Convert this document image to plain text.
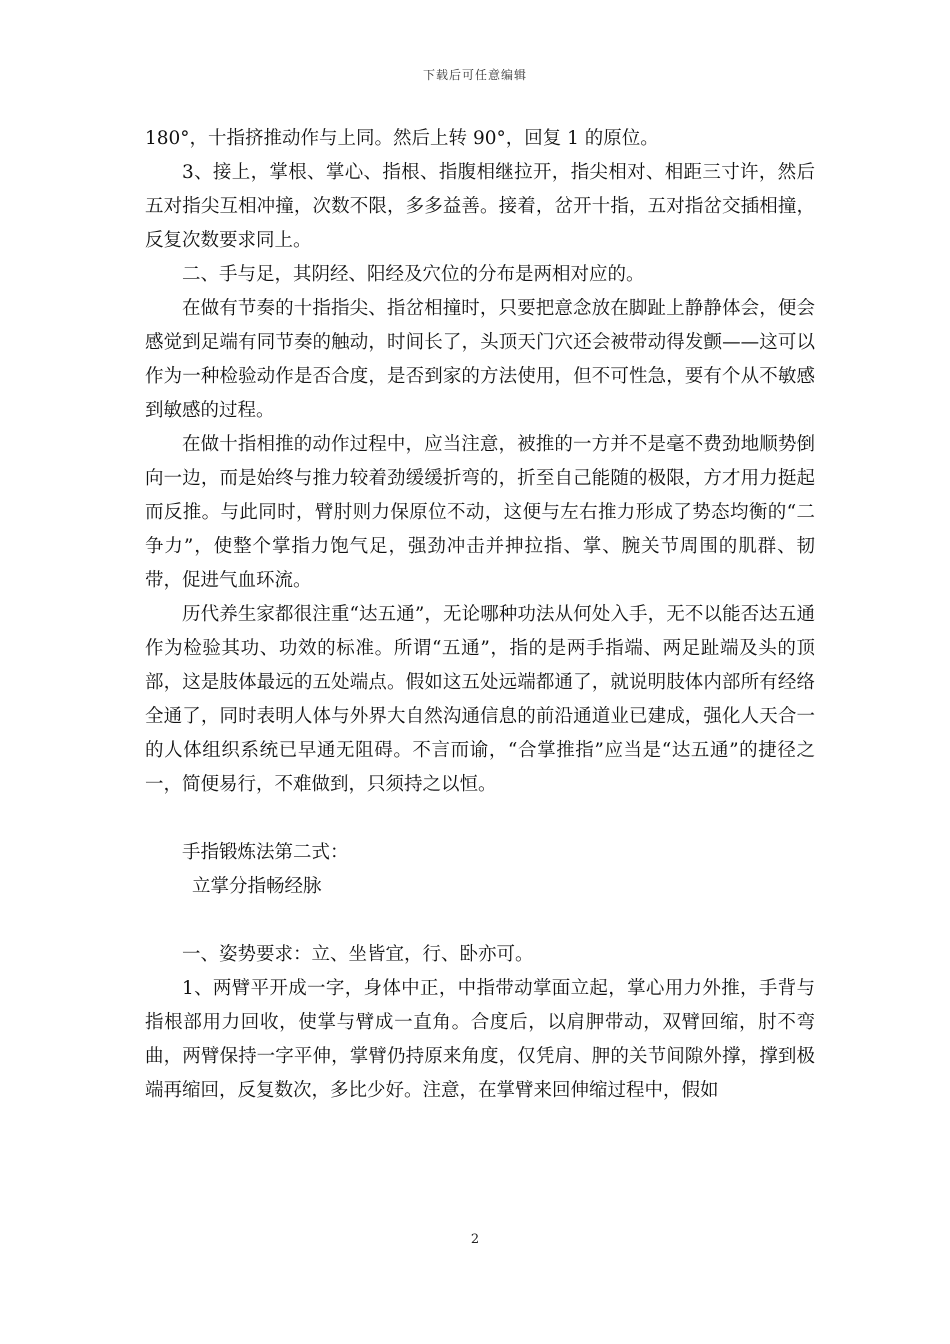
下载后可任意编辑

180°，十指挤推动作与上同。然后上转 90°，回复 1 的原位。

3、接上，掌根、掌心、指根、指腹相继拉开，指尖相对、相距三寸许，然后五对指尖互相冲撞，次数不限，多多益善。接着，岔开十指，五对指岔交插相撞，反复次数要求同上。

二、手与足，其阴经、阳经及穴位的分布是两相对应的。

在做有节奏的十指指尖、指岔相撞时，只要把意念放在脚趾上静静体会，便会感觉到足端有同节奏的触动，时间长了，头顶天门穴还会被带动得发颤——这可以作为一种检验动作是否合度，是否到家的方法使用，但不可性急，要有个从不敏感到敏感的过程。

在做十指相推的动作过程中，应当注意，被推的一方并不是毫不费劲地顺势倒向一边，而是始终与推力较着劲缓缓折弯的，折至自己能随的极限，方才用力挺起而反推。与此同时，臂肘则力保原位不动，这便与左右推力形成了势态均衡的“二争力”，使整个掌指力饱气足，强劲冲击并抻拉指、掌、腕关节周围的肌群、韧带，促进气血环流。

历代养生家都很注重“达五通”，无论哪种功法从何处入手，无不以能否达五通作为检验其功、功效的标准。所谓“五通”，指的是两手指端、两足趾端及头的顶部，这是肢体最远的五处端点。假如这五处远端都通了，就说明肢体内部所有经络全通了，同时表明人体与外界大自然沟通信息的前沿通道业已建成，强化人天合一的人体组织系统已早通无阻碍。不言而谕，“合掌推指”应当是“达五通”的捷径之一，简便易行，不难做到，只须持之以恒。

手指锻炼法第二式：

立掌分指畅经脉

一、姿势要求：立、坐皆宜，行、卧亦可。

1、两臂平开成一字，身体中正，中指带动掌面立起，掌心用力外推，手背与指根部用力回收，使掌与臂成一直角。合度后，以肩胛带动，双臂回缩，肘不弯曲，两臂保持一字平伸，掌臂仍持原来角度，仅凭肩、胛的关节间隙外撑，撑到极端再缩回，反复数次，多比少好。注意，在掌臂来回伸缩过程中，假如

2
